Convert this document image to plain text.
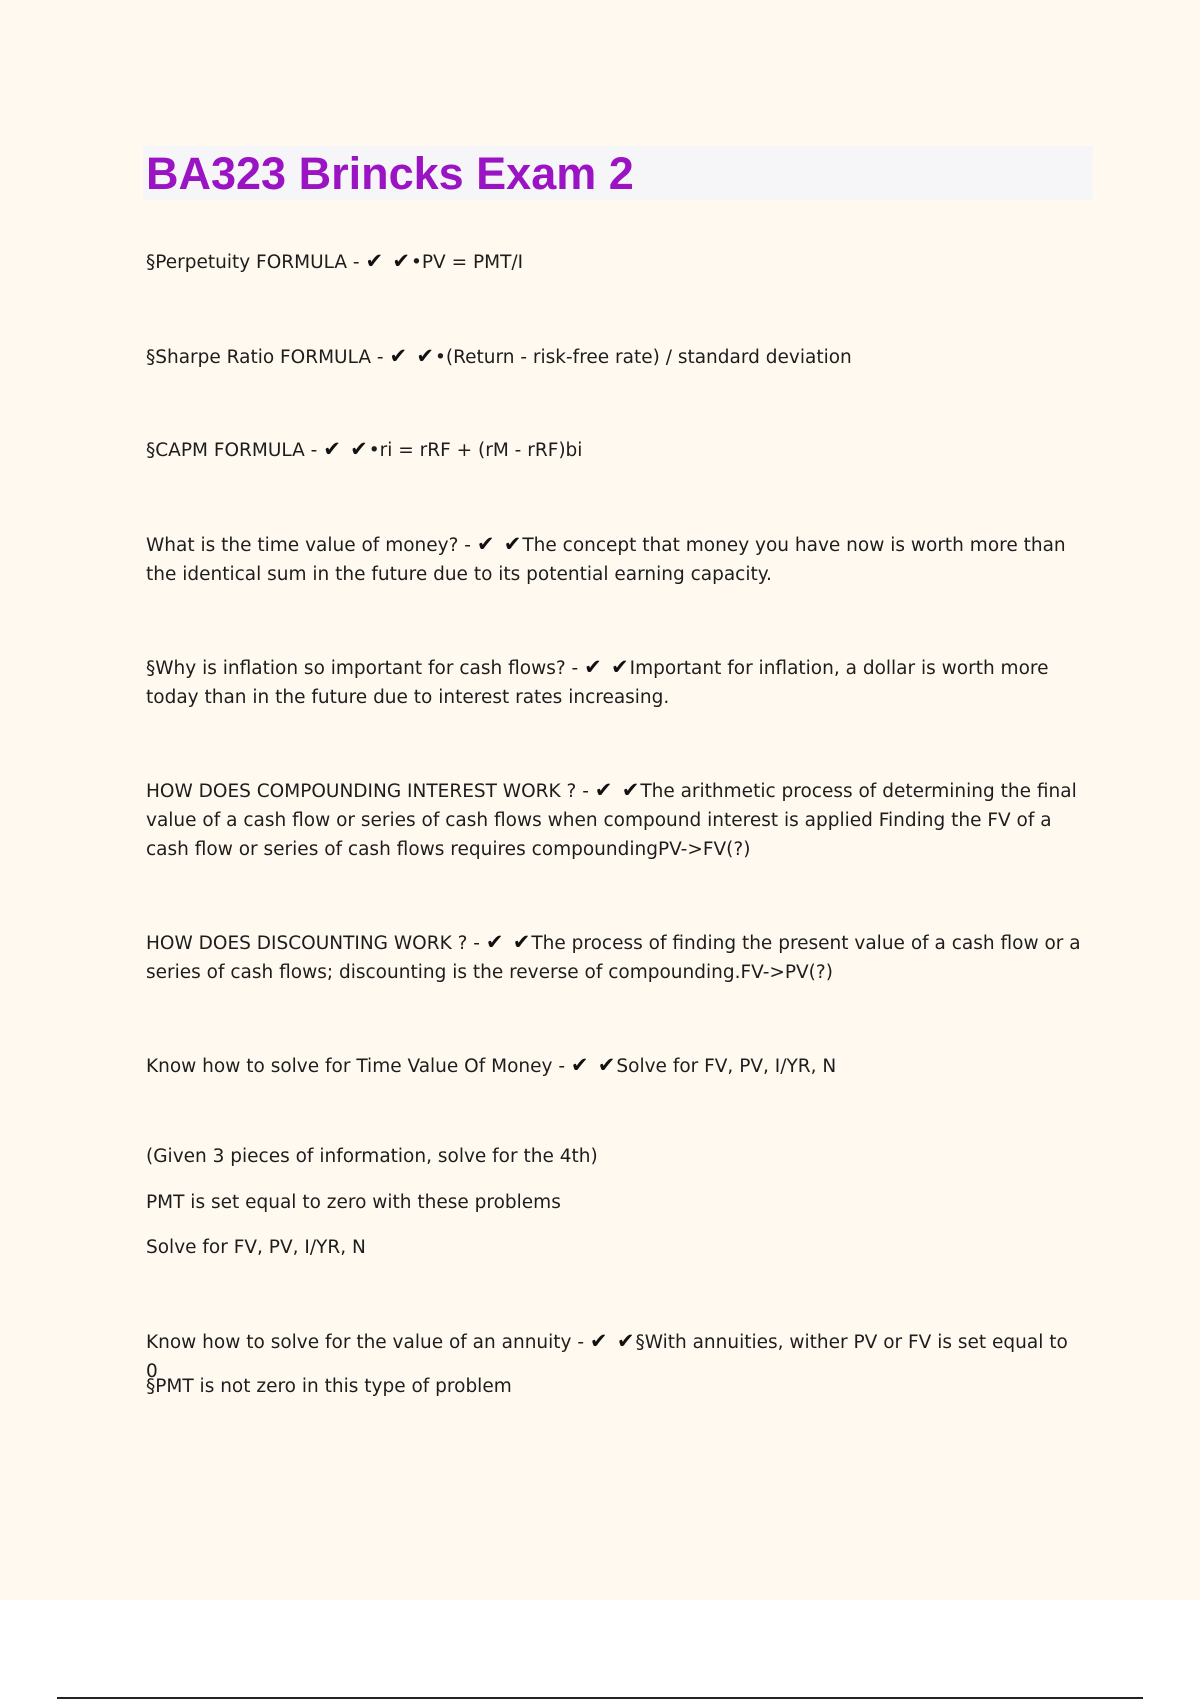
BA323 Brincks Exam 2

§Perpetuity FORMULA - ✔ ✔•PV = PMT/I

§Sharpe Ratio FORMULA - ✔ ✔•(Return - risk-free rate) / standard deviation

§CAPM FORMULA - ✔ ✔•ri = rRF + (rM - rRF)bi

What is the time value of money? - ✔ ✔The concept that money you have now is worth more than the identical sum in the future due to its potential earning capacity.

§Why is inflation so important for cash flows? - ✔ ✔Important for inflation, a dollar is worth more today than in the future due to interest rates increasing.

HOW DOES COMPOUNDING INTEREST WORK ? - ✔ ✔The arithmetic process of determining the final value of a cash flow or series of cash flows when compound interest is applied Finding the FV of a cash flow or series of cash flows requires compoundingPV->FV(?)

HOW DOES DISCOUNTING WORK ? - ✔ ✔The process of finding the present value of a cash flow or a series of cash flows; discounting is the reverse of compounding.FV->PV(?)

Know how to solve for Time Value Of Money - ✔ ✔Solve for FV, PV, I/YR, N

(Given 3 pieces of information, solve for the 4th)

PMT is set equal to zero with these problems

Solve for FV, PV, I/YR, N

Know how to solve for the value of an annuity - ✔ ✔§With annuities, wither PV or FV is set equal to 0

§PMT is not zero in this type of problem
